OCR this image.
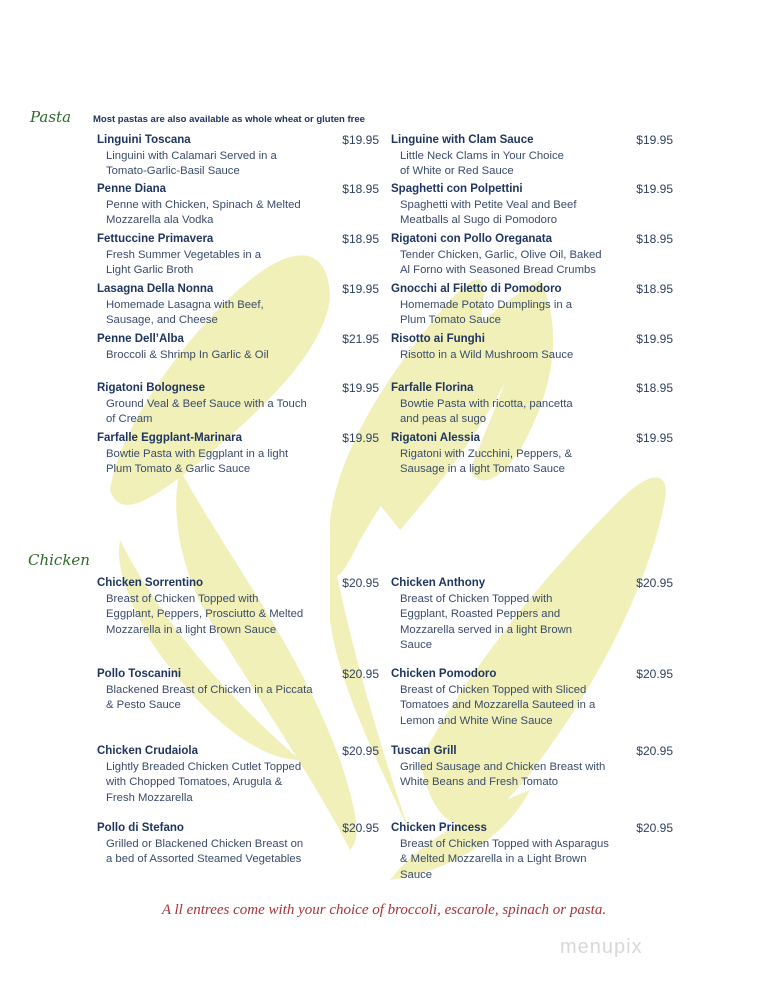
Pasta Most pastas are also available as whole wheat or gluten free
Linguini Toscana	$19.95
Linguini with Calamari Served in a
Tomato-Garlic-Basil Sauce
Penne Diana	$18.95
Penne with Chicken, Spinach & Melted
Mozzarella ala Vodka
Fettuccine Primavera	$18.95
Fresh Summer Vegetables in a
Light Garlic Broth
Lasagna Della Nonna	$19.95
Homemade Lasagna with Beef,
Sausage, and Cheese
Penne Dell’Alba	$21.95
Broccoli & Shrimp In Garlic & Oil
Rigatoni Bolognese	$19.95
Ground Veal & Beef Sauce with a Touch
of Cream
Farfalle Eggplant-Marinara	$19.95
Bowtie Pasta with Eggplant in a light
Plum Tomato & Garlic Sauce
Linguine with Clam Sauce	$19.95
Little Neck Clams in Your Choice
of White or Red Sauce
Spaghetti con Polpettini	$19.95
Spaghetti with Petite Veal and Beef
Meatballs al Sugo di Pomodoro
Rigatoni con Pollo Oreganata	$18.95
Tender Chicken, Garlic, Olive Oil, Baked
Al Forno with Seasoned Bread Crumbs
Gnocchi al Filetto di Pomodoro	$18.95
Homemade Potato Dumplings in a
Plum Tomato Sauce
Risotto ai Funghi	$19.95
Risotto in a Wild Mushroom Sauce
Farfalle Florina	$18.95
Bowtie Pasta with ricotta, pancetta
and peas al sugo
Rigatoni Alessia	$19.95
Rigatoni with Zucchini, Peppers, &
Sausage in a light Tomato Sauce
Chicken
Chicken Sorrentino	$20.95
Breast of Chicken Topped with
Eggplant, Peppers, Prosciutto & Melted
Mozzarella in a light Brown Sauce
Pollo Toscanini	$20.95
Blackened Breast of Chicken in a Piccata
& Pesto Sauce
Chicken Crudaiola	$20.95
Lightly Breaded Chicken Cutlet Topped
with Chopped Tomatoes, Arugula &
Fresh Mozzarella
Pollo di Stefano	$20.95
Grilled or Blackened Chicken Breast on
a bed of Assorted Steamed Vegetables
Chicken Anthony	$20.95
Breast of Chicken Topped with
Eggplant, Roasted Peppers and
Mozzarella served in a light Brown
Sauce
Chicken Pomodoro	$20.95
Breast of Chicken Topped with Sliced
Tomatoes and Mozzarella Sauteed in a
Lemon and White Wine Sauce
Tuscan Grill	$20.95
Grilled Sausage and Chicken Breast with
White Beans and Fresh Tomato
Chicken Princess	$20.95
Breast of Chicken Topped with Asparagus
& Melted Mozzarella in a Light Brown
Sauce
A ll entrees come with your choice of broccoli, escarole, spinach or pasta.
menupix
